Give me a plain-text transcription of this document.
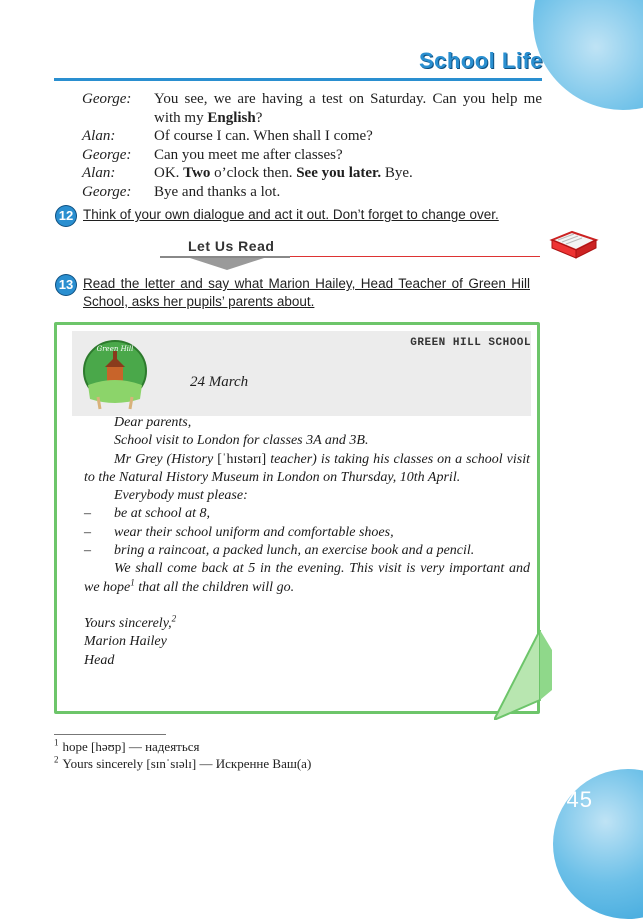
45
School Life
George:	You see, we are having a test on Saturday. Can you help me with my English?
Alan:	Of course I can. When shall I come?
George:	Can you meet me after classes?
Alan:	OK. Two o’clock then. See you later. Bye.
George:	Bye and thanks a lot.
12 Think of your own dialogue and act it out. Don’t forget to change over.
Let Us Read
13 Read the letter and say what Marion Hailey, Head Teacher of Green Hill School, asks her pupils’ parents about.
GREEN HILL SCHOOL
Green Hill
24 March

Dear parents,

School visit to London for classes 3A and 3B.

Mr Grey (History [ˈhɪstərɪ] teacher) is taking his classes on a school visit to the Natural History Museum in London on Thursday, 10th April.

Everybody must please:

–	be at school at 8,
–	wear their school uniform and comfortable shoes,
–	bring a raincoat, a packed lunch, an exercise book and a pencil.

We shall come back at 5 in the evening. This visit is very important and we hope$^1$ that all the children will go.

Yours sincerely,$^2$

Marion Hailey

Head

$^1$ hope [həʊp] — надеяться
$^2$ Yours sincerely [sɪnˈsɪəlɪ] — Искренне Ваш(а)
